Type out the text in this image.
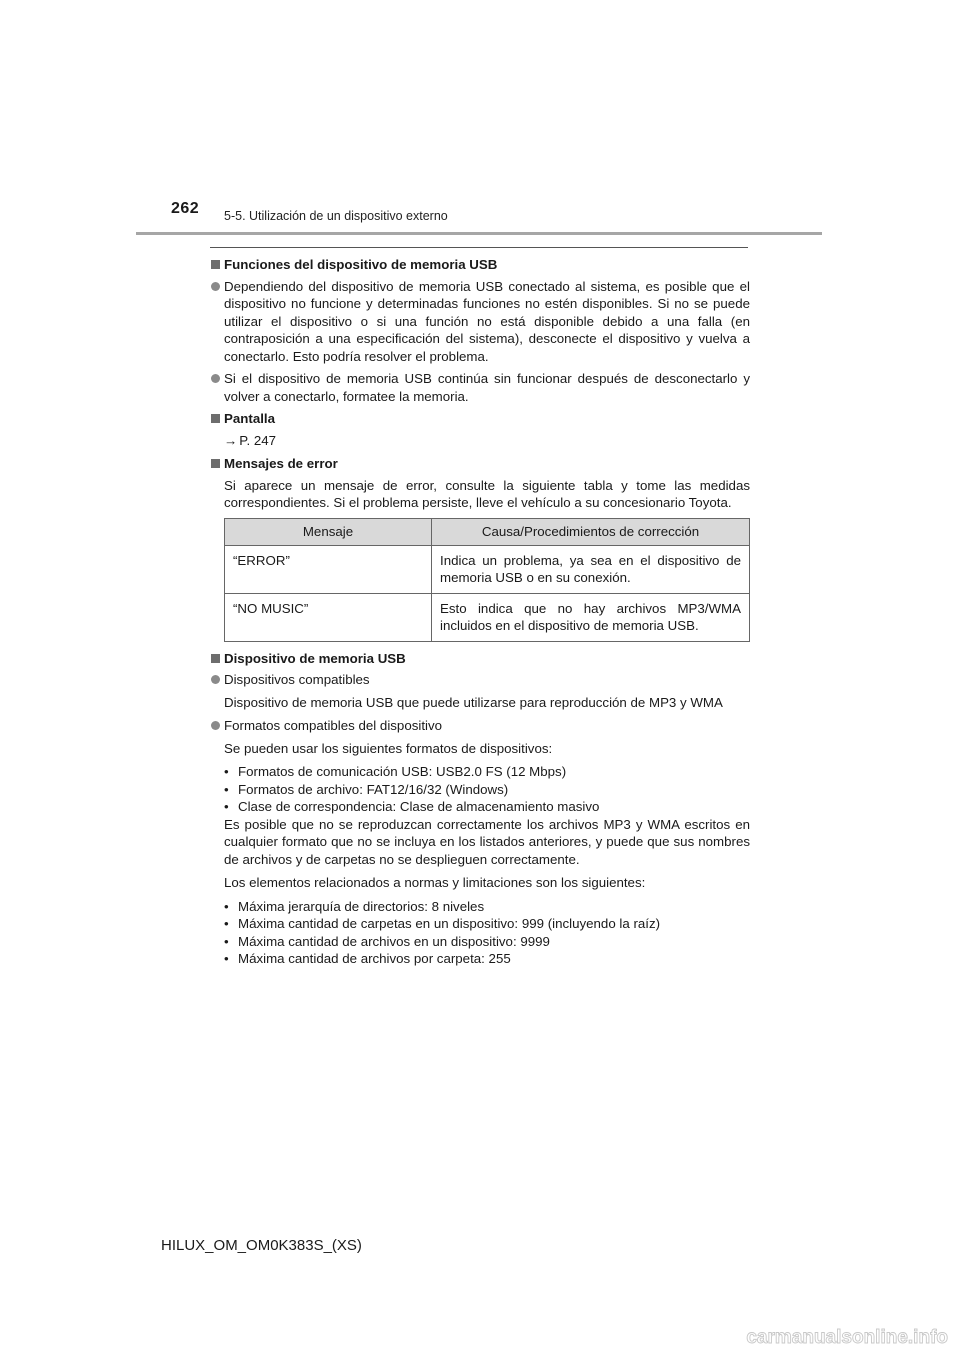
262 5-5. Utilización de un dispositivo externo
Funciones del dispositivo de memoria USB
Dependiendo del dispositivo de memoria USB conectado al sistema, es posible que el dispositivo no funcione y determinadas funciones no estén disponibles. Si no se puede utilizar el dispositivo o si una función no está disponible debido a una falla (en contraposición a una especificación del sistema), desconecte el dispositivo y vuelva a conectarlo. Esto podría resolver el problema.
Si el dispositivo de memoria USB continúa sin funcionar después de desconectarlo y volver a conectarlo, formatee la memoria.
Pantalla
→ P. 247
Mensajes de error
Si aparece un mensaje de error, consulte la siguiente tabla y tome las medidas correspondientes. Si el problema persiste, lleve el vehículo a su concesionario Toyota.
Mensaje	Causa/Procedimientos de corrección
“ERROR”	Indica un problema, ya sea en el dispositivo de memoria USB o en su conexión.
“NO MUSIC”	Esto indica que no hay archivos MP3/WMA incluidos en el dispositivo de memoria USB.
Dispositivo de memoria USB
Dispositivos compatibles
Dispositivo de memoria USB que puede utilizarse para reproducción de MP3 y WMA
Formatos compatibles del dispositivo
Se pueden usar los siguientes formatos de dispositivos:
• Formatos de comunicación USB: USB2.0 FS (12 Mbps)
• Formatos de archivo: FAT12/16/32 (Windows)
• Clase de correspondencia: Clase de almacenamiento masivo
Es posible que no se reproduzcan correctamente los archivos MP3 y WMA escritos en cualquier formato que no se incluya en los listados anteriores, y puede que sus nombres de archivos y de carpetas no se desplieguen correctamente.
Los elementos relacionados a normas y limitaciones son los siguientes:
• Máxima jerarquía de directorios: 8 niveles
• Máxima cantidad de carpetas en un dispositivo: 999 (incluyendo la raíz)
• Máxima cantidad de archivos en un dispositivo: 9999
• Máxima cantidad de archivos por carpeta: 255
HILUX_OM_OM0K383S_(XS)
carmanualsonline.info
